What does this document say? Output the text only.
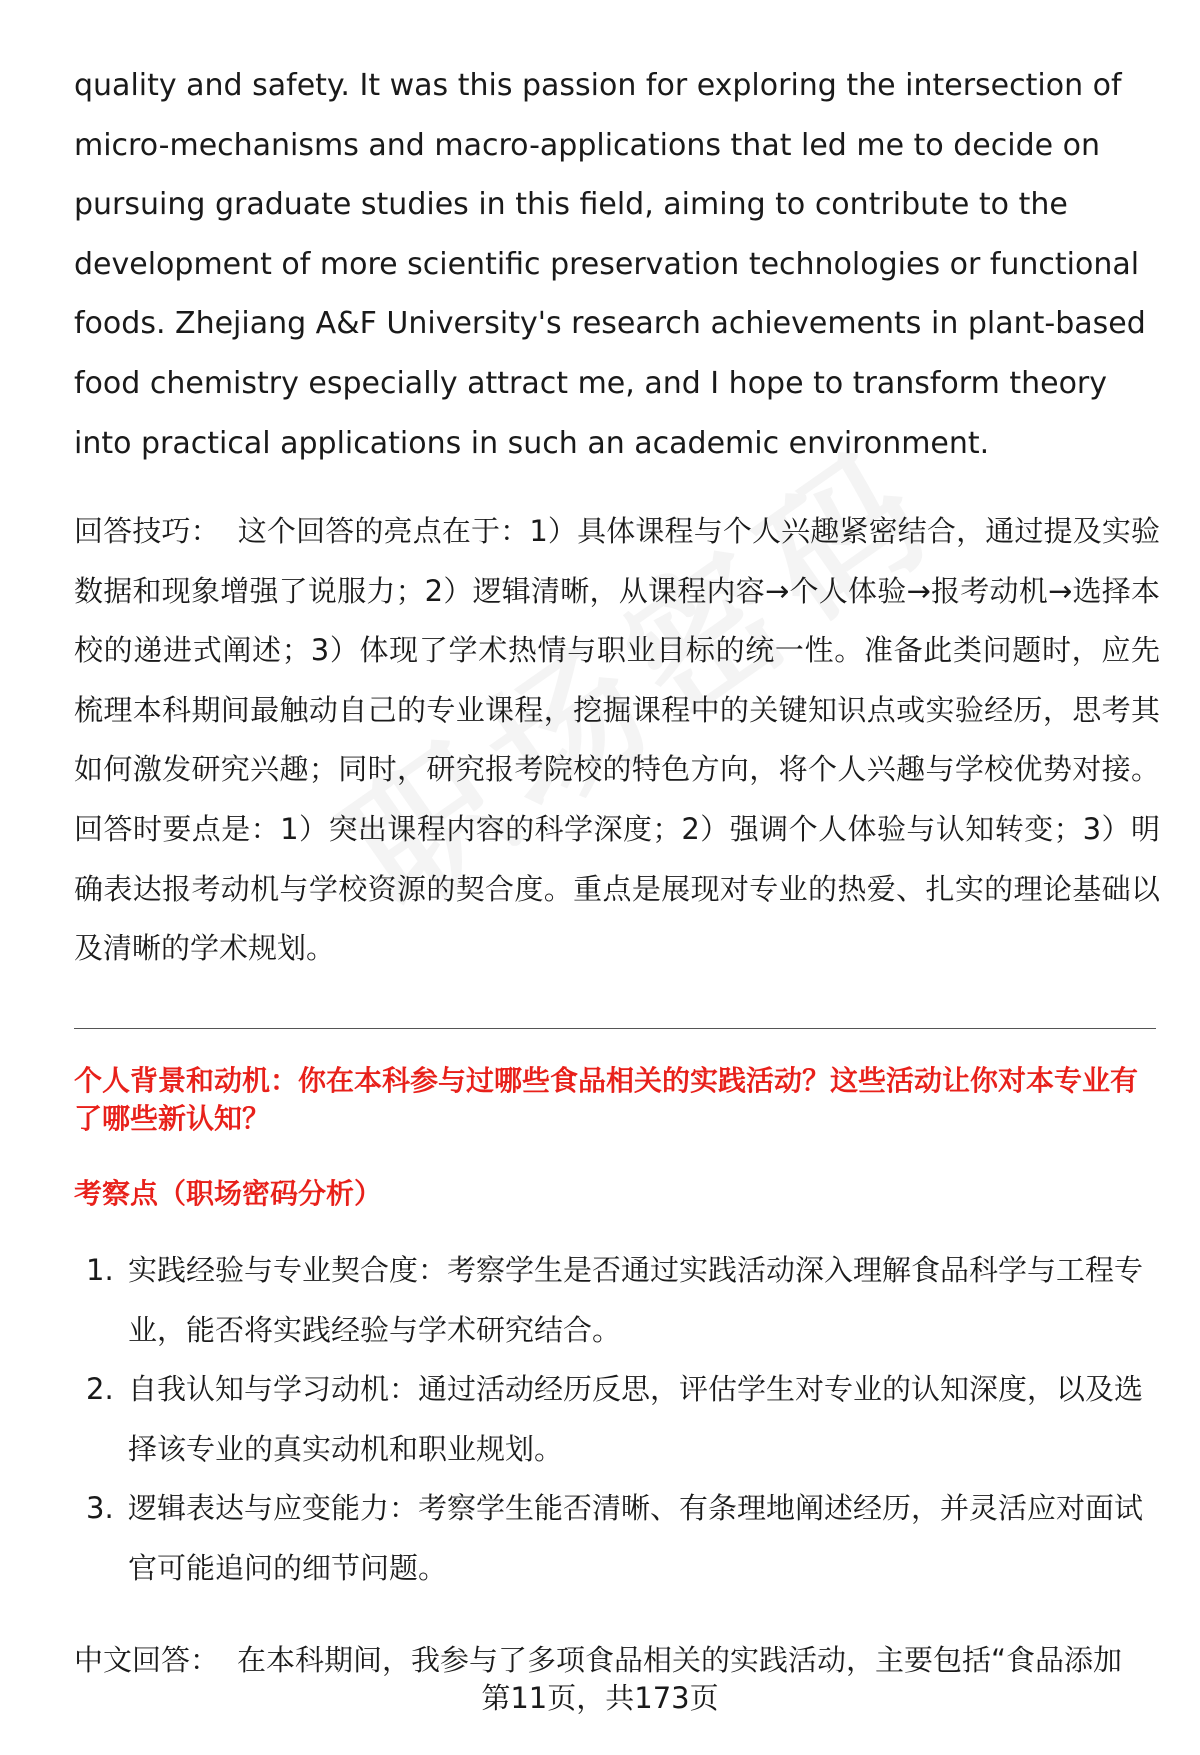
quality and safety. It was this passion for exploring the intersection of micro-mechanisms and macro-applications that led me to decide on pursuing graduate studies in this field, aiming to contribute to the development of more scientific preservation technologies or functional foods. Zhejiang A&F University's research achievements in plant-based food chemistry especially attract me, and I hope to transform theory into practical applications in such an academic environment.

回答技巧： 这个回答的亮点在于：1）具体课程与个人兴趣紧密结合，通过提及实验数据和现象增强了说服力；2）逻辑清晰，从课程内容→个人体验→报考动机→选择本校的递进式阐述；3）体现了学术热情与职业目标的统一性。准备此类问题时，应先梳理本科期间最触动自己的专业课程，挖掘课程中的关键知识点或实验经历，思考其如何激发研究兴趣；同时，研究报考院校的特色方向，将个人兴趣与学校优势对接。回答时要点是：1）突出课程内容的科学深度；2）强调个人体验与认知转变；3）明确表达报考动机与学校资源的契合度。重点是展现对专业的热爱、扎实的理论基础以及清晰的学术规划。

个人背景和动机：你在本科参与过哪些食品相关的实践活动？这些活动让你对本专业有了哪些新认知？

考察点（职场密码分析）

1. 实践经验与专业契合度：考察学生是否通过实践活动深入理解食品科学与工程专业，能否将实践经验与学术研究结合。
2. 自我认知与学习动机：通过活动经历反思，评估学生对专业的认知深度，以及选择该专业的真实动机和职业规划。
3. 逻辑表达与应变能力：考察学生能否清晰、有条理地阐述经历，并灵活应对面试官可能追问的细节问题。

中文回答： 在本科期间，我参与了多项食品相关的实践活动，主要包括“食品添加

第11页，共173页
